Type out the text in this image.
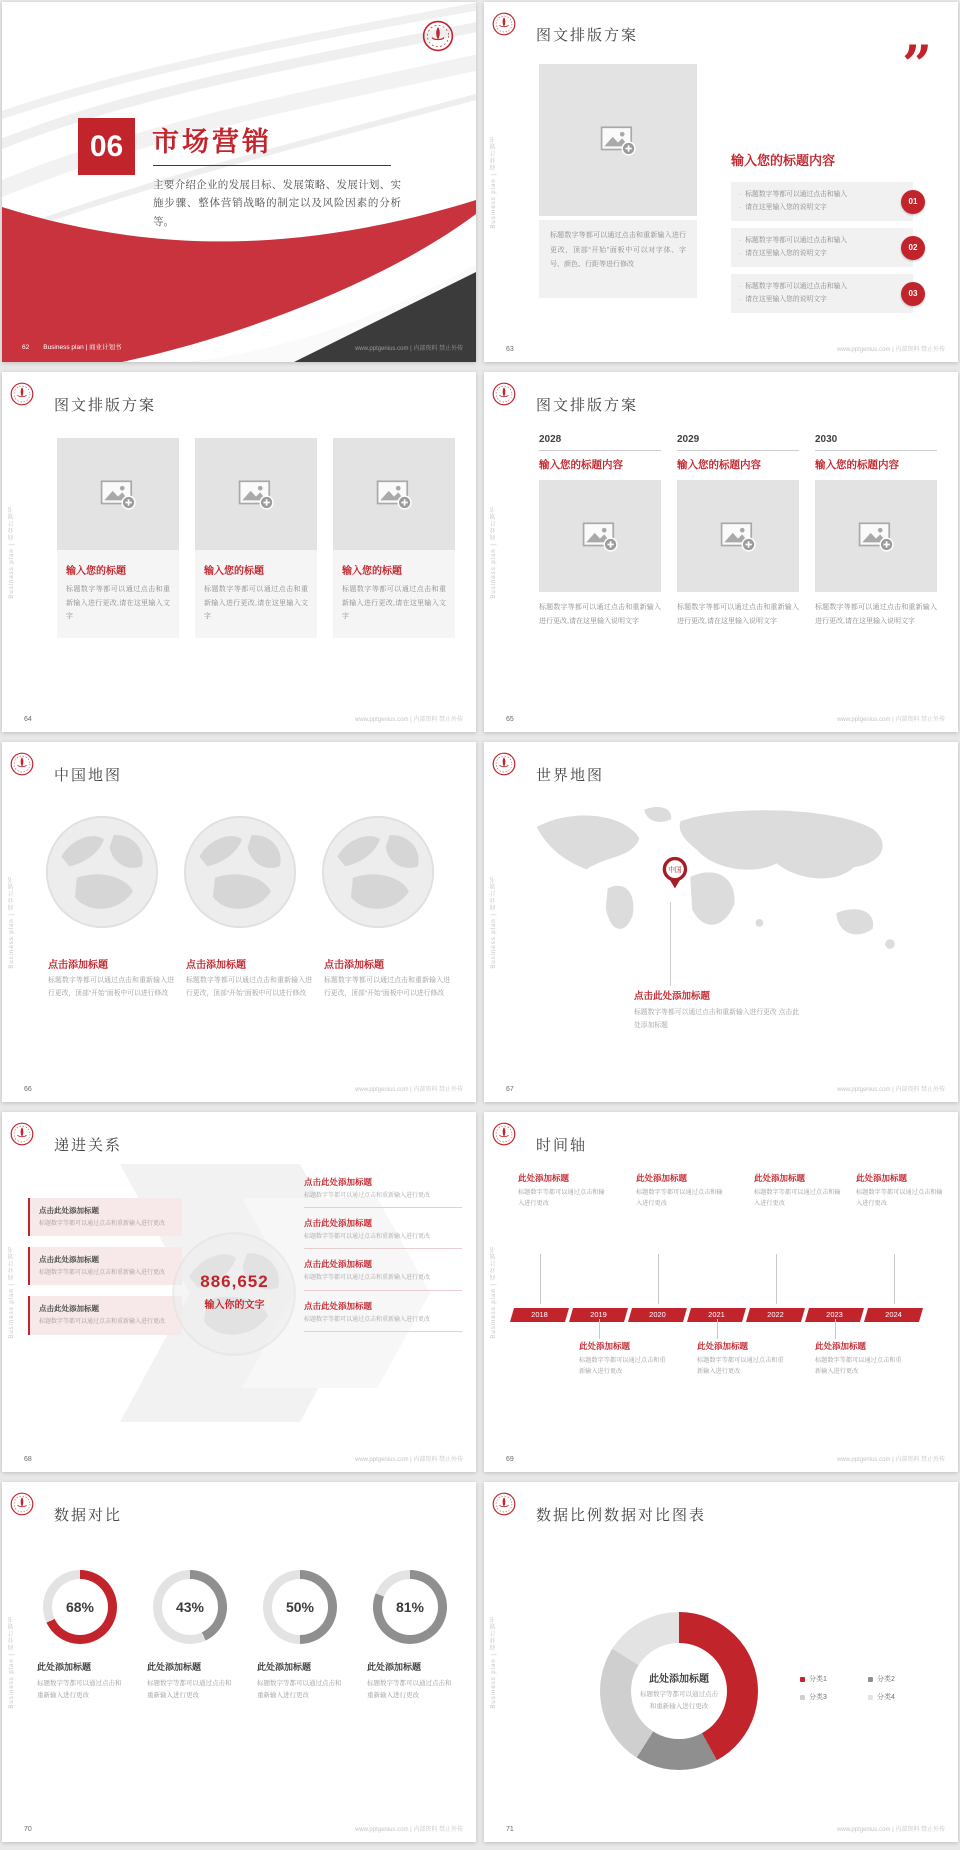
06	市场营销
主要介绍企业的发展目标、发展策略、发展计划、实施步骤、整体营销战略的制定以及风险因素的分析等。
62 Business plan | 商业计划书	www.pptgenius.com | 内部资料 禁止外传
Business plan | 商业计划书
图文排版方案
标题数字等都可以通过点击和重新输入进行更改，顶部“开始”面板中可以对字体、字号、颜色、行距等进行修改
”
输入您的标题内容

· 标题数字等都可以通过点击和输入

· 请在这里输入您的说明文字

01

· 标题数字等都可以通过点击和输入

· 请在这里输入您的说明文字

02

· 标题数字等都可以通过点击和输入

· 请在这里输入您的说明文字

03
63	www.pptgenius.com | 内部资料 禁止外传
Business plan | 商业计划书
图文排版方案
输入您的标题
标题数字等都可以通过点击和重新输入进行更改,请在这里输入文字
输入您的标题
标题数字等都可以通过点击和重新输入进行更改,请在这里输入文字
输入您的标题
标题数字等都可以通过点击和重新输入进行更改,请在这里输入文字
64	www.pptgenius.com | 内部资料 禁止外传
Business plan | 商业计划书
图文排版方案
2028
输入您的标题内容
标题数字等都可以通过点击和重新输入进行更改,请在这里输入说明文字
2029
输入您的标题内容
标题数字等都可以通过点击和重新输入进行更改,请在这里输入说明文字
2030
输入您的标题内容
标题数字等都可以通过点击和重新输入进行更改,请在这里输入说明文字
65	www.pptgenius.com | 内部资料 禁止外传
Business plan | 商业计划书
中国地图
点击添加标题
标题数字等都可以通过点击和重新输入进行更改，顶部“开始”面板中可以进行修改
点击添加标题
标题数字等都可以通过点击和重新输入进行更改，顶部“开始”面板中可以进行修改
点击添加标题
标题数字等都可以通过点击和重新输入进行更改，顶部“开始”面板中可以进行修改
66	www.pptgenius.com | 内部资料 禁止外传
Business plan | 商业计划书
世界地图
中国
点击此处添加标题
标题数字等都可以通过点击和重新输入进行更改 点击此处添加标题
67	www.pptgenius.com | 内部资料 禁止外传
Business plan | 商业计划书
递进关系
点击此处添加标题

标题数字等都可以通过点击和重新输入进行更改

点击此处添加标题

标题数字等都可以通过点击和重新输入进行更改

点击此处添加标题

标题数字等都可以通过点击和重新输入进行更改

886,652
输入你的文字
点击此处添加标题

标题数字等都可以通过点击和重新输入进行更改

点击此处添加标题

标题数字等都可以通过点击和重新输入进行更改

点击此处添加标题

标题数字等都可以通过点击和重新输入进行更改

点击此处添加标题

标题数字等都可以通过点击和重新输入进行更改

68	www.pptgenius.com | 内部资料 禁止外传
Business plan | 商业计划书
时间轴
此处添加标题
标题数字等都可以通过点击和输入进行更改
此处添加标题
标题数字等都可以通过点击和输入进行更改
此处添加标题
标题数字等都可以通过点击和输入进行更改
此处添加标题
标题数字等都可以通过点击和输入进行更改
2018	2019	2020	2021	2022	2023	2024
此处添加标题
标题数字等都可以通过点击和重新输入进行更改
此处添加标题
标题数字等都可以通过点击和重新输入进行更改
此处添加标题
标题数字等都可以通过点击和重新输入进行更改
69	www.pptgenius.com | 内部资料 禁止外传
Business plan | 商业计划书
数据对比
68%
此处添加标题
标题数字等都可以通过点击和重新输入进行更改
43%
此处添加标题
标题数字等都可以通过点击和重新输入进行更改
50%
此处添加标题
标题数字等都可以通过点击和重新输入进行更改
81%
此处添加标题
标题数字等都可以通过点击和重新输入进行更改
70	www.pptgenius.com | 内部资料 禁止外传
Business plan | 商业计划书
数据比例数据对比图表
此处添加标题
标题数字等都可以通过点击和重新输入进行更改
分类1	分类2
分类3	分类4
71	www.pptgenius.com | 内部资料 禁止外传
